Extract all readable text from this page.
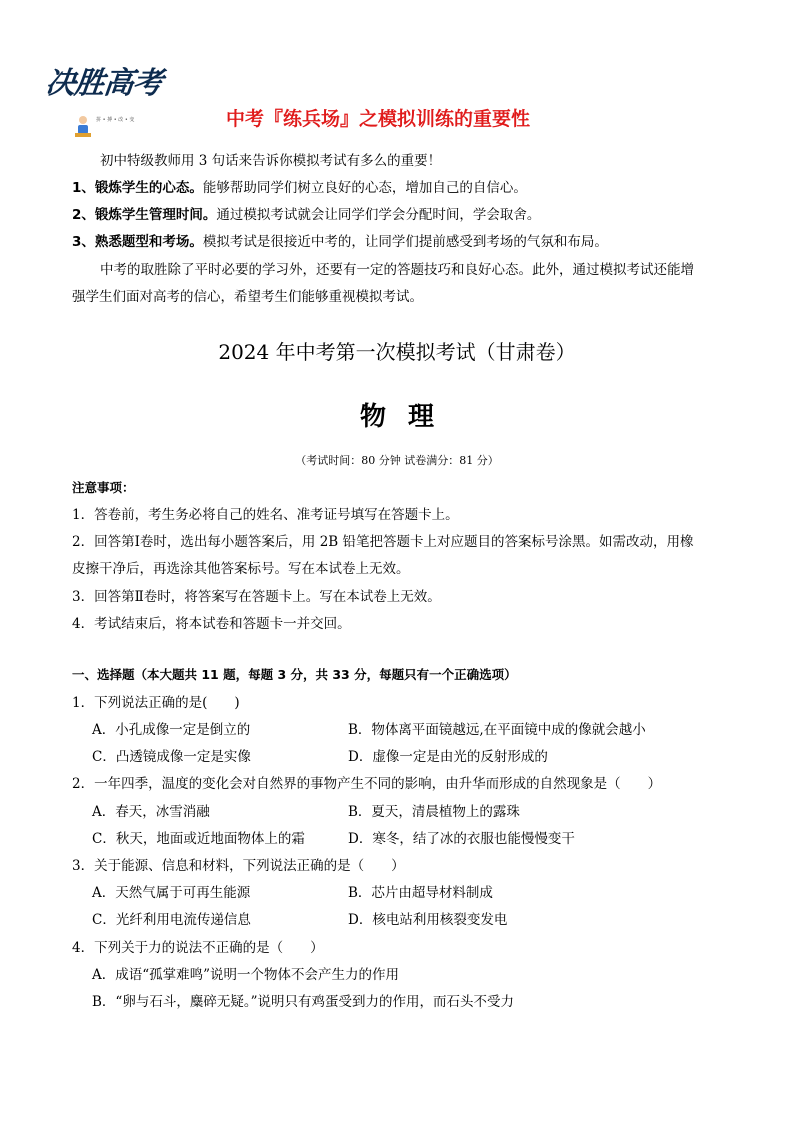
决胜高考
拼 • 搏 • 改 • 变	中考『练兵场』之模拟训练的重要性
初中特级教师用 3 句话来告诉你模拟考试有多么的重要！
1、锻炼学生的心态。能够帮助同学们树立良好的心态，增加自己的自信心。
2、锻炼学生管理时间。通过模拟考试就会让同学们学会分配时间，学会取舍。
3、熟悉题型和考场。模拟考试是很接近中考的，让同学们提前感受到考场的气氛和布局。
中考的取胜除了平时必要的学习外，还要有一定的答题技巧和良好心态。此外，通过模拟考试还能增
强学生们面对高考的信心，希望考生们能够重视模拟考试。
2024 年中考第一次模拟考试（甘肃卷）
物理
（考试时间：80 分钟 试卷满分：81 分）
注意事项：
1．答卷前，考生务必将自己的姓名、准考证号填写在答题卡上。
2．回答第Ⅰ卷时，选出每小题答案后，用 2B 铅笔把答题卡上对应题目的答案标号涂黑。如需改动，用橡
皮擦干净后，再选涂其他答案标号。写在本试卷上无效。
3．回答第Ⅱ卷时，将答案写在答题卡上。写在本试卷上无效。
4．考试结束后，将本试卷和答题卡一并交回。
一、选择题（本大题共 11 题，每题 3 分，共 33 分，每题只有一个正确选项）
1．下列说法正确的是(　　)
A．小孔成像一定是倒立的	B．物体离平面镜越远,在平面镜中成的像就会越小
C．凸透镜成像一定是实像	D．虚像一定是由光的反射形成的
2．一年四季，温度的变化会对自然界的事物产生不同的影响，由升华而形成的自然现象是（　　）
A．春天，冰雪消融	B．夏天，清晨植物上的露珠
C．秋天，地面或近地面物体上的霜	D．寒冬，结了冰的衣服也能慢慢变干
3．关于能源、信息和材料，下列说法正确的是（　　）
A．天然气属于可再生能源	B．芯片由超导材料制成
C．光纤利用电流传递信息	D．核电站利用核裂变发电
4．下列关于力的说法不正确的是（　　）
A．成语“孤掌难鸣”说明一个物体不会产生力的作用
B．“卵与石斗，麋碎无疑。”说明只有鸡蛋受到力的作用，而石头不受力
